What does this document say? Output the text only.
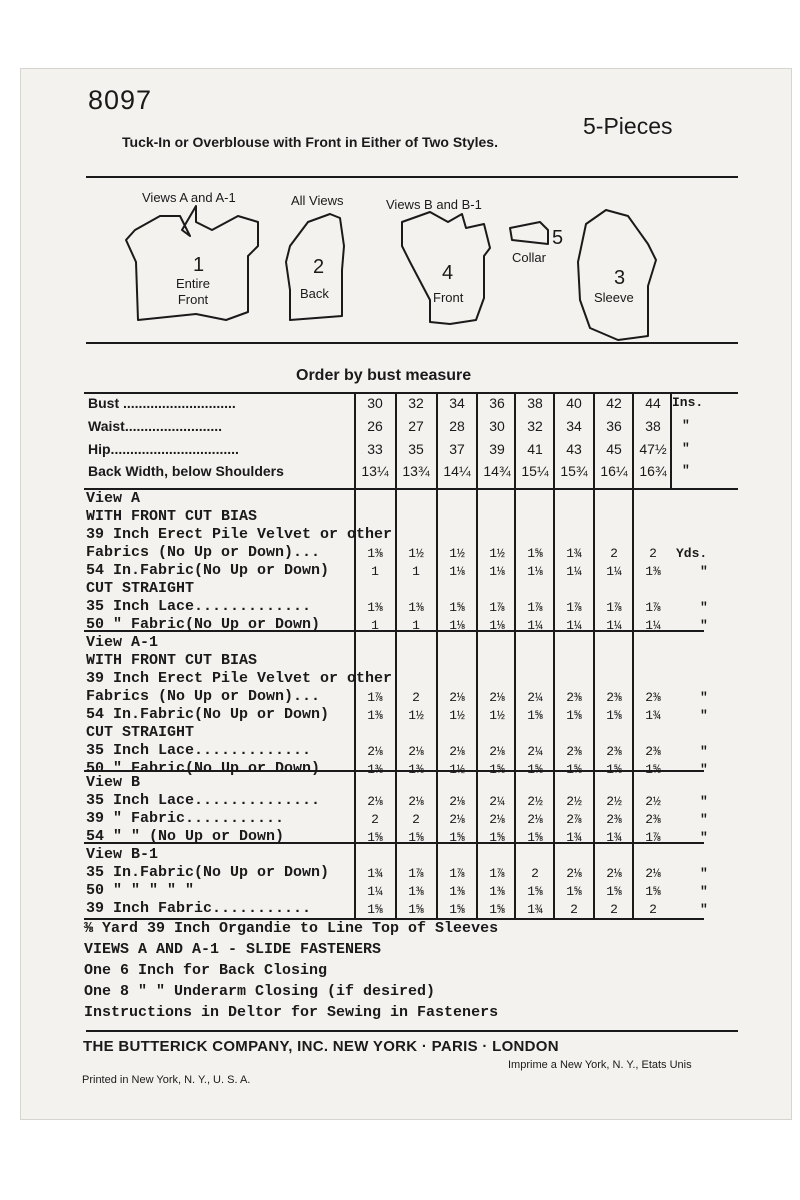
8097
5-Pieces
Tuck-In or Overblouse with Front in Either of Two Styles.
Views A and A-1	All Views	Views B and B-1
1
Entire Front
2
Back
4
Front
5
Collar
3
Sleeve
Order by bust measure
Bust .............................	30	32	34	36	38	40	42	44 Ins.
Waist.........................	26	27	28	30	32	34	36	38	"
Hip.................................	33	35	37	39	41	43	45	47½	"
Back Width, below Shoulders	13¼ 13¾ 14¼ 14¾ 15¼ 15¾ 16¼ 16¾	"
View A
WITH FRONT CUT BIAS
39 Inch Erect Pile Velvet or other
Fabrics (No Up or Down)...	1⅜	1½	1½	1½	1⅝	1¾	2	2	Yds.
54 In.Fabric(No Up or Down)	1	1	1⅛	1⅛	1⅛	1¼	1¼	1⅜	"
CUT STRAIGHT
35 Inch Lace.............	1⅜	1⅜	1⅝	1⅞	1⅞	1⅞	1⅞	1⅞	"
50 " Fabric(No Up or Down)	1	1	1⅛	1⅛	1¼	1¼	1¼	1¼	"
View A-1
WITH FRONT CUT BIAS
39 Inch Erect Pile Velvet or other
Fabrics (No Up or Down)...	1⅞	2	2⅛	2⅛	2¼	2⅜	2⅜	2⅜	"
54 In.Fabric(No Up or Down)	1⅜	1½	1½	1½	1⅝	1⅝	1⅝	1¾	"
CUT STRAIGHT
35 Inch Lace.............	2⅛	2⅛	2⅛	2⅛	2¼	2⅜	2⅜	2⅜	"
50 " Fabric(No Up or Down)	1⅜	1⅜	1½	1⅝	1⅝	1⅝	1⅝	1⅝	"
View B
35 Inch Lace..............	2⅛	2⅛	2⅛	2¼	2½	2½	2½	2½	"
39 " Fabric...........	2	2	2⅛	2⅛	2⅛	2⅞	2⅜	2⅜	"
54 " " (No Up or Down)	1⅝	1⅝	1⅝	1⅝	1⅝	1¾	1¾	1⅞	"
View B-1
35 In.Fabric(No Up or Down)	1¾	1⅞	1⅞	1⅞	2	2⅛	2⅛	2⅛	"
50 " " " " "	1¼	1⅜	1⅜	1⅜	1⅝	1⅝	1⅝	1⅝	"
39 Inch Fabric...........	1⅝	1⅝	1⅝	1⅝	1¾	2	2	2	"
⅜ Yard 39 Inch Organdie to Line Top of Sleeves
VIEWS A AND A-1 - SLIDE FASTENERS
One 6 Inch for Back Closing
One 8 " " Underarm Closing (if desired)
Instructions in Deltor for Sewing in Fasteners
THE BUTTERICK COMPANY, INC. NEW YORK · PARIS · LONDON
Printed in New York, N. Y., U. S. A.
Imprime a New York, N. Y., Etats Unis
